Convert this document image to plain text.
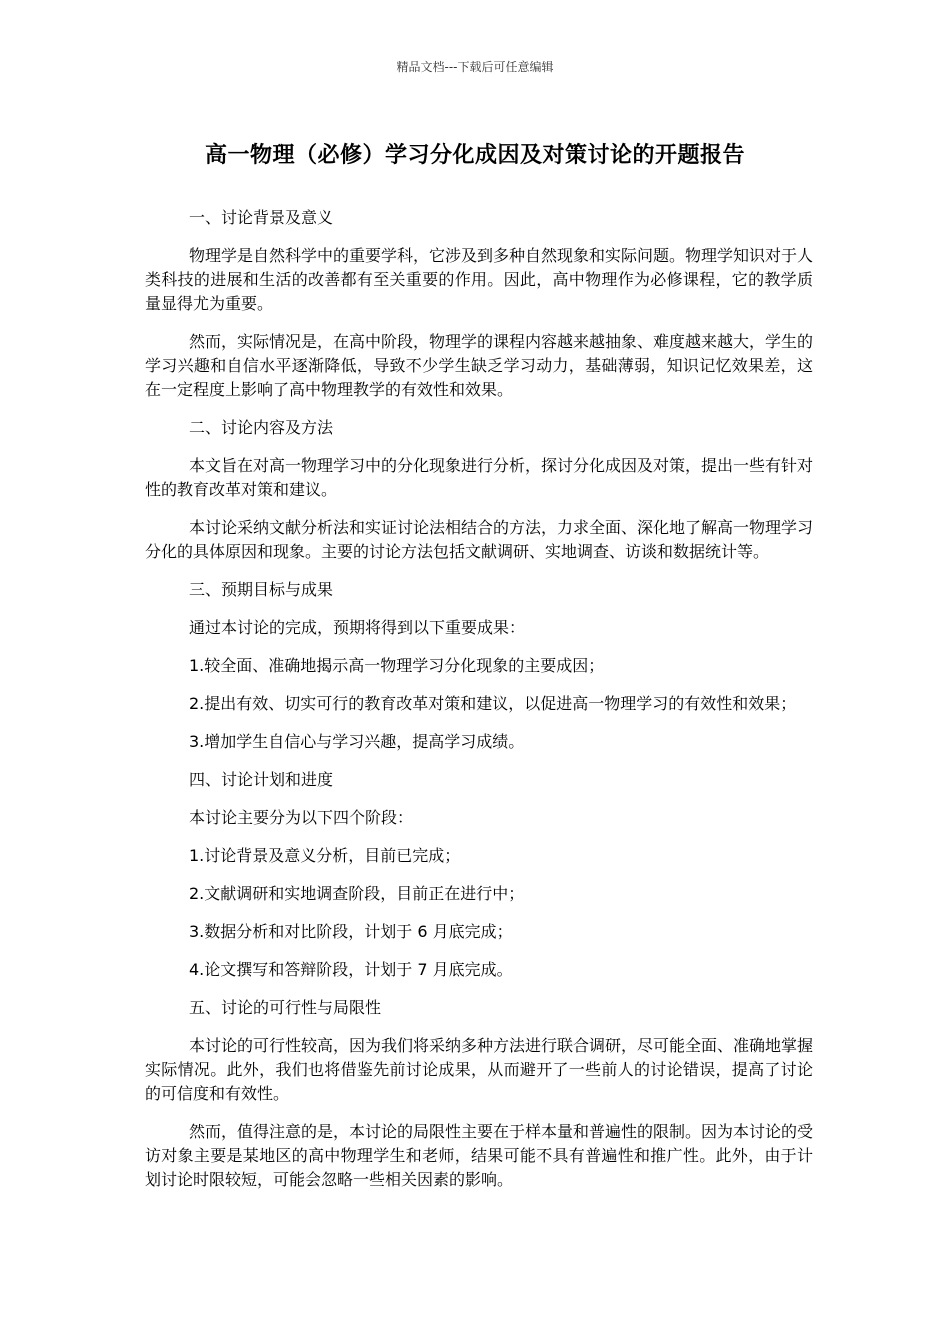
精品文档---下载后可任意编辑
高一物理（必修）学习分化成因及对策讨论的开题报告

一、讨论背景及意义

物理学是自然科学中的重要学科，它涉及到多种自然现象和实际问题。物理学知识对于人类科技的进展和生活的改善都有至关重要的作用。因此，高中物理作为必修课程，它的教学质量显得尤为重要。

然而，实际情况是，在高中阶段，物理学的课程内容越来越抽象、难度越来越大，学生的学习兴趣和自信水平逐渐降低，导致不少学生缺乏学习动力，基础薄弱，知识记忆效果差，这在一定程度上影响了高中物理教学的有效性和效果。

二、讨论内容及方法

本文旨在对高一物理学习中的分化现象进行分析，探讨分化成因及对策，提出一些有针对性的教育改革对策和建议。

本讨论采纳文献分析法和实证讨论法相结合的方法，力求全面、深化地了解高一物理学习分化的具体原因和现象。主要的讨论方法包括文献调研、实地调查、访谈和数据统计等。

三、预期目标与成果

通过本讨论的完成，预期将得到以下重要成果：

1.较全面、准确地揭示高一物理学习分化现象的主要成因；

2.提出有效、切实可行的教育改革对策和建议，以促进高一物理学习的有效性和效果；

3.增加学生自信心与学习兴趣，提高学习成绩。

四、讨论计划和进度

本讨论主要分为以下四个阶段：

1.讨论背景及意义分析，目前已完成；

2.文献调研和实地调查阶段，目前正在进行中；

3.数据分析和对比阶段，计划于 6 月底完成；

4.论文撰写和答辩阶段，计划于 7 月底完成。

五、讨论的可行性与局限性

本讨论的可行性较高，因为我们将采纳多种方法进行联合调研，尽可能全面、准确地掌握实际情况。此外，我们也将借鉴先前讨论成果，从而避开了一些前人的讨论错误，提高了讨论的可信度和有效性。

然而，值得注意的是，本讨论的局限性主要在于样本量和普遍性的限制。因为本讨论的受访对象主要是某地区的高中物理学生和老师，结果可能不具有普遍性和推广性。此外，由于计划讨论时限较短，可能会忽略一些相关因素的影响。
